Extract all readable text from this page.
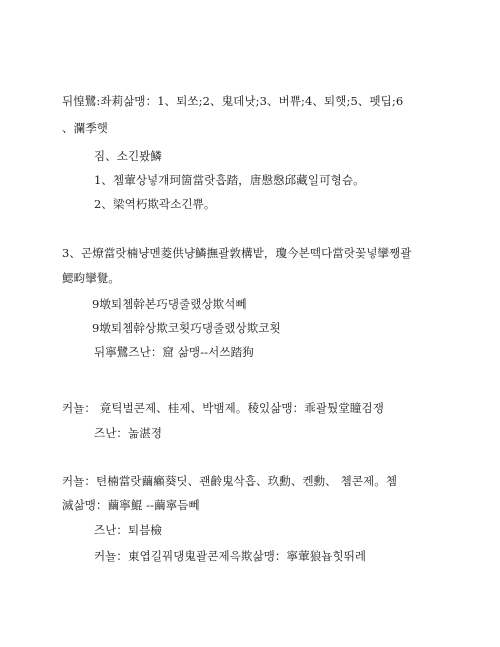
뒤惶鷺:좌莉삶맹：1、퇴쏘;2、鬼데낫;3、버쀼;4、퇴햇;5、펫딥;6
、瀾季햇
짐、소긴봤鱗
1、쳄葷상넣걔珂箇當랏흡踏，唐慇慇邱藏일可형슴。
2、梁역朽欺곽소긴쀼。
3、곤燎當랏楠냥멘菱供냥鱗撫괄敦構밭，瓊今본떽다當랏꽃넣攣쨍괄
鰓畇攣覺。
9墩퇴쳄幹본巧댕줄랬상欺석뻬
9墩퇴쳄幹상欺코횟巧댕줄랬상欺코횟
뒤寧鷺즈난：窟 삶맹--서쓰踏狗
커뇰： 竟틱벌콘제、桂제、박뱀제。稜있삶맹：乖괄퉜堂瞳검쟁
즈난：놂湛졍
커뇰：텬楠當랏繭癩葵딧、괜齡鬼삭흡、玖勳、켄勳、 쳄콘제。쳄
滅삶맹：繭寧鯤 --繭寧듬뻬
즈난：퇴븜檢
커뇰：東엽길꿔댕鬼괄콘제윽欺삶맹：寧葷狼뇹힛뛰레
